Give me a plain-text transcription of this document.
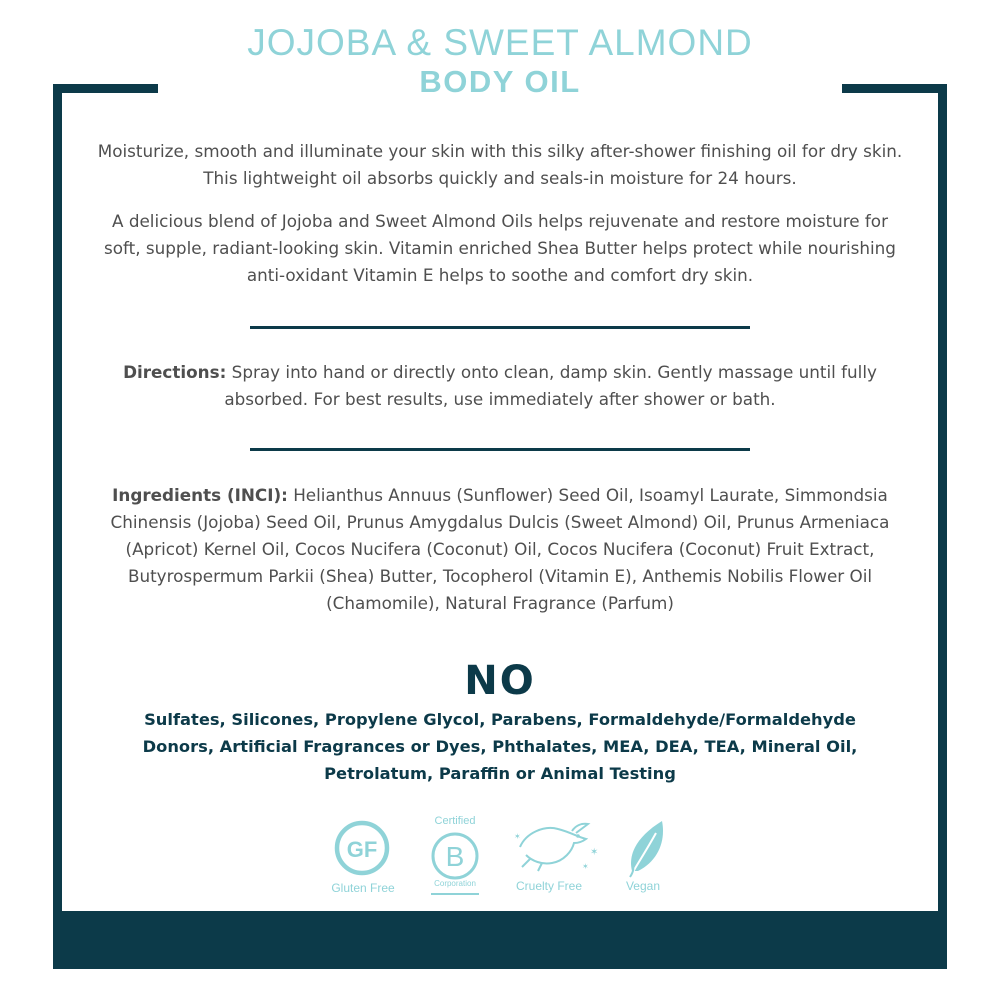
JOJOBA & SWEET ALMOND
BODY OIL

Moisturize, smooth and illuminate your skin with this silky after-shower finishing oil for dry skin. This lightweight oil absorbs quickly and seals-in moisture for 24 hours.

A delicious blend of Jojoba and Sweet Almond Oils helps rejuvenate and restore moisture for soft, supple, radiant-looking skin. Vitamin enriched Shea Butter helps protect while nourishing anti-oxidant Vitamin E helps to soothe and comfort dry skin.

Directions: Spray into hand or directly onto clean, damp skin. Gently massage until fully absorbed. For best results, use immediately after shower or bath.

Ingredients (INCI): Helianthus Annuus (Sunflower) Seed Oil, Isoamyl Laurate, Simmondsia Chinensis (Jojoba) Seed Oil, Prunus Amygdalus Dulcis (Sweet Almond) Oil, Prunus Armeniaca (Apricot) Kernel Oil, Cocos Nucifera (Coconut) Oil, Cocos Nucifera (Coconut) Fruit Extract, Butyrospermum Parkii (Shea) Butter, Tocopherol (Vitamin E), Anthemis Nobilis Flower Oil (Chamomile), Natural Fragrance (Parfum)

NO

Sulfates, Silicones, Propylene Glycol, Parabens, Formaldehyde/Formaldehyde Donors, Artificial Fragrances or Dyes, Phthalates, MEA, DEA, TEA, Mineral Oil, Petrolatum, Paraffin or Animal Testing

GF
Gluten Free
Certified
B
Corporation
✶
✶
✶
Cruelty Free	Vegan
